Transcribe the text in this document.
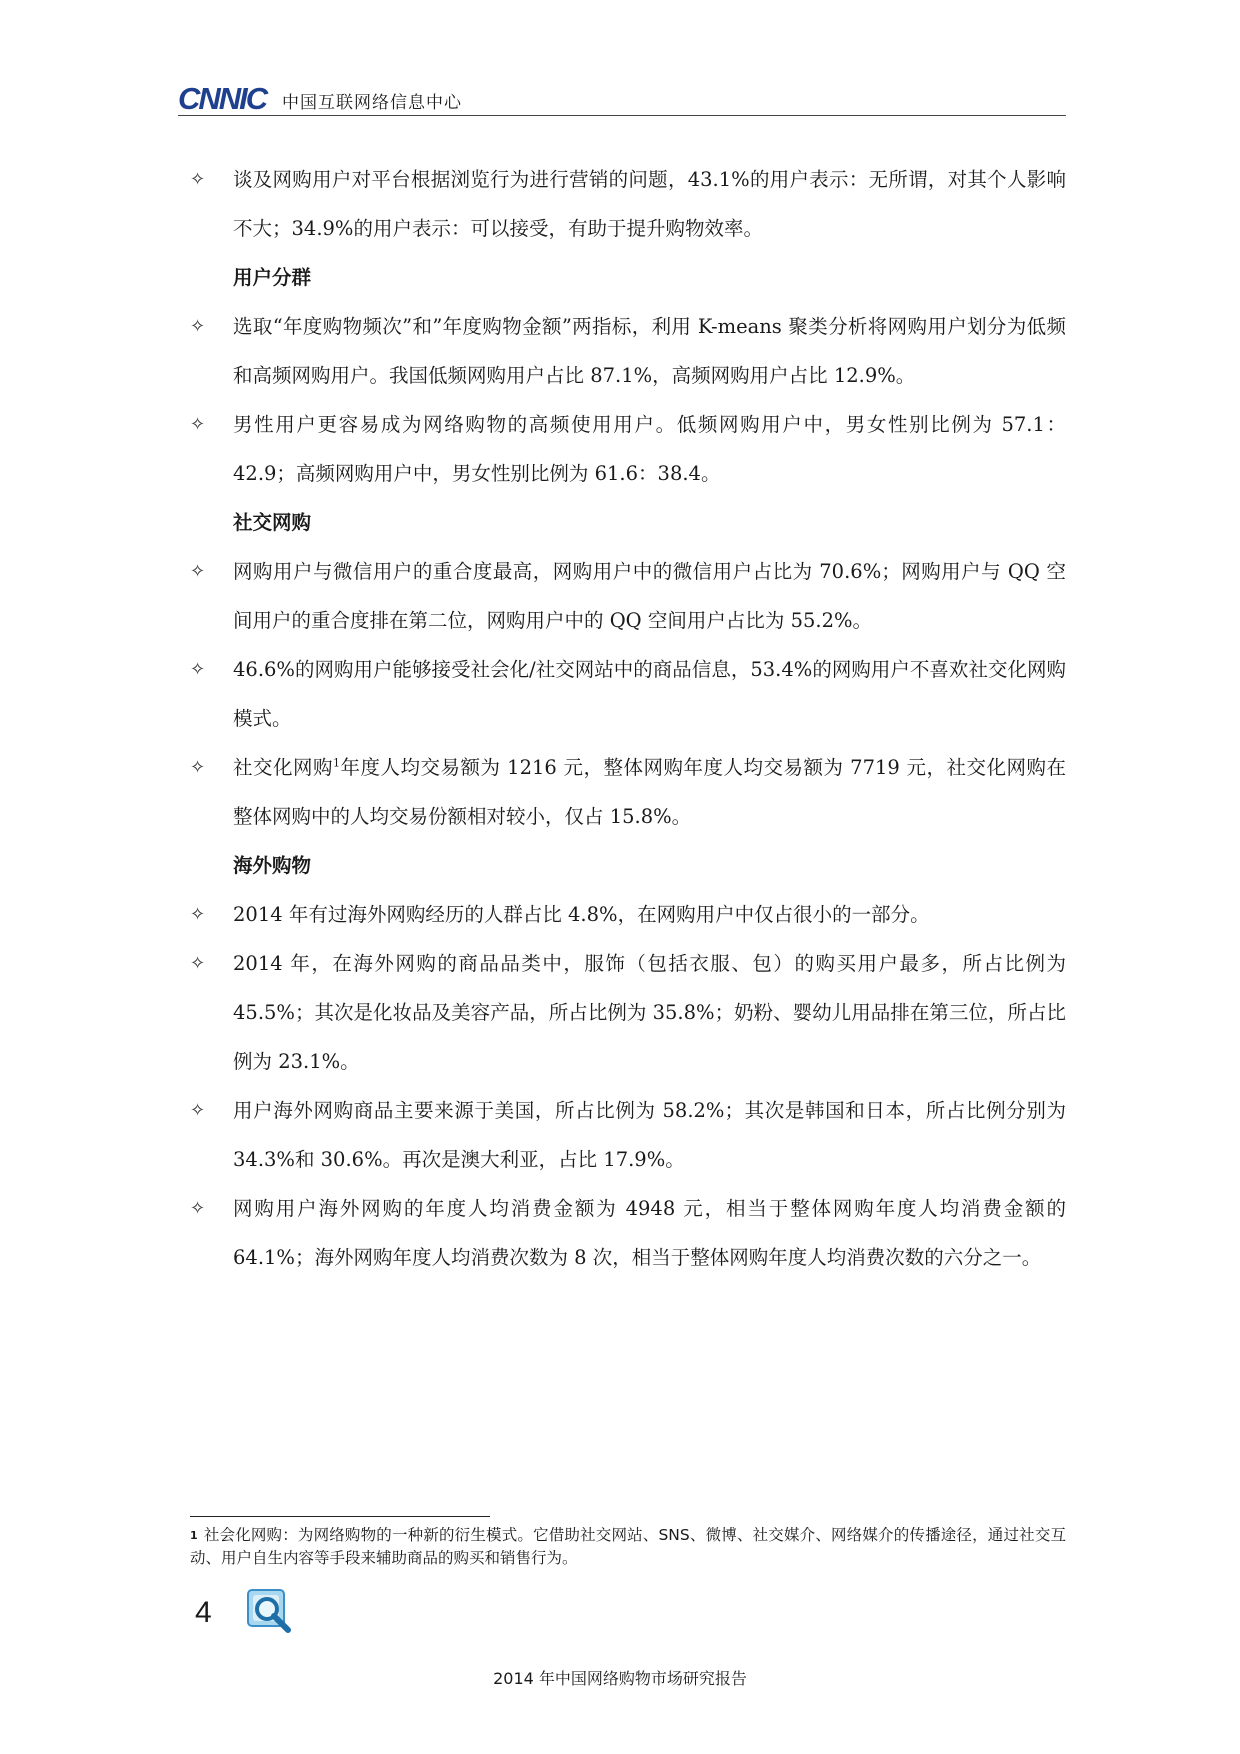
CNNIC 中国互联网络信息中心
✧	谈及网购用户对平台根据浏览行为进行营销的问题，43.1%的用户表示：无所谓，对其个人影响不大；34.9%的用户表示：可以接受，有助于提升购物效率。
用户分群
✧	选取“年度购物频次”和”年度购物金额”两指标，利用 K-means 聚类分析将网购用户划分为低频和高频网购用户。我国低频网购用户占比 87.1%，高频网购用户占比 12.9%。
✧	男性用户更容易成为网络购物的高频使用用户。低频网购用户中，男女性别比例为 57.1：42.9；高频网购用户中，男女性别比例为 61.6：38.4。
社交网购
✧	网购用户与微信用户的重合度最高，网购用户中的微信用户占比为 70.6%；网购用户与 QQ 空间用户的重合度排在第二位，网购用户中的 QQ 空间用户占比为 55.2%。
✧	46.6%的网购用户能够接受社会化/社交网站中的商品信息，53.4%的网购用户不喜欢社交化网购模式。
✧	社交化网购$^1$年度人均交易额为 1216 元，整体网购年度人均交易额为 7719 元，社交化网购在整体网购中的人均交易份额相对较小，仅占 15.8%。
海外购物
✧	2014 年有过海外网购经历的人群占比 4.8%，在网购用户中仅占很小的一部分。
✧	2014 年，在海外网购的商品品类中，服饰（包括衣服、包）的购买用户最多，所占比例为 45.5%；其次是化妆品及美容产品，所占比例为 35.8%；奶粉、婴幼儿用品排在第三位，所占比例为 23.1%。
✧	用户海外网购商品主要来源于美国，所占比例为 58.2%；其次是韩国和日本，所占比例分别为 34.3%和 30.6%。再次是澳大利亚，占比 17.9%。
✧	网购用户海外网购的年度人均消费金额为 4948 元，相当于整体网购年度人均消费金额的 64.1%；海外网购年度人均消费次数为 8 次，相当于整体网购年度人均消费次数的六分之一。
$^1$ 社会化网购：为网络购物的一种新的衍生模式。它借助社交网站、SNS、微博、社交媒介、网络媒介的传播途径，通过社交互动、用户自生内容等手段来辅助商品的购买和销售行为。
4
2014 年中国网络购物市场研究报告
